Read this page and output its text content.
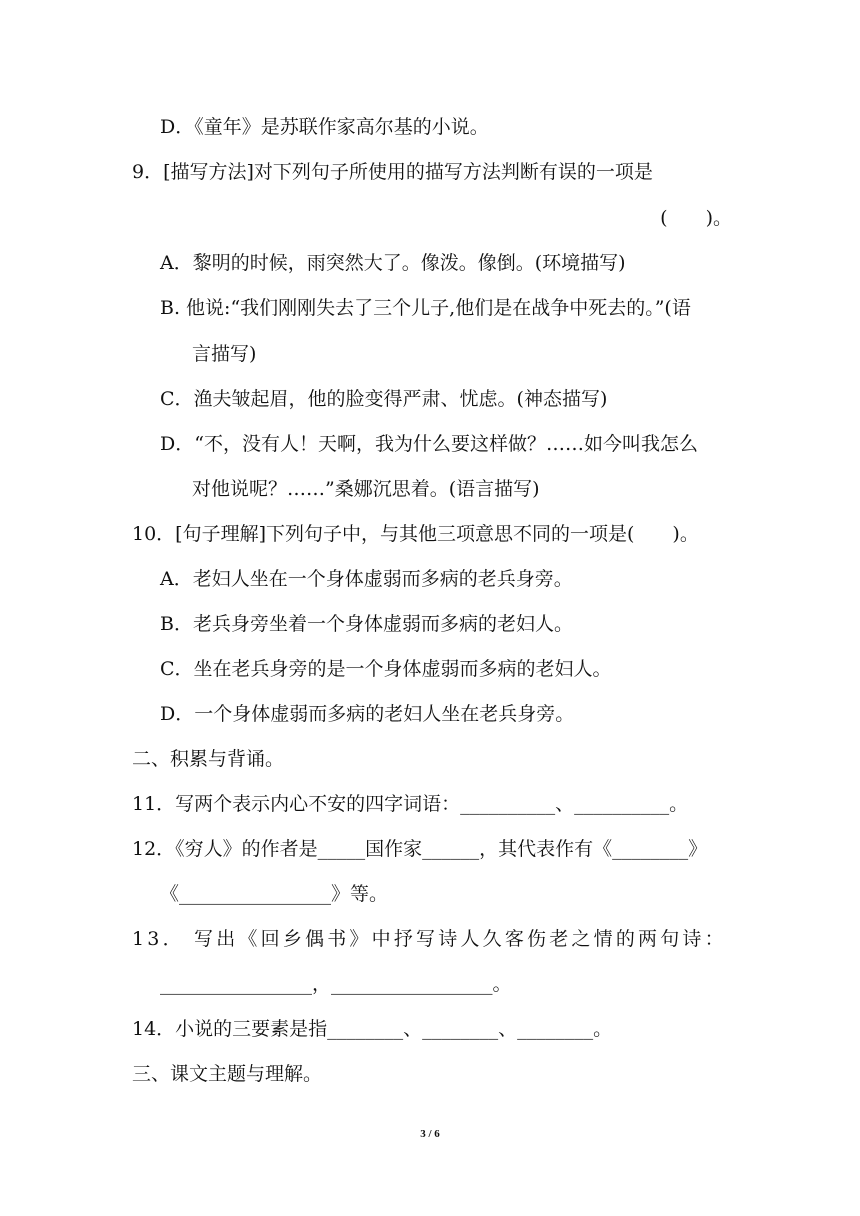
D．《童年》是苏联作家高尔基的小说。
9．[描写方法]对下列句子所使用的描写方法判断有误的一项是
(　　)。
A．黎明的时候，雨突然大了。像泼。像倒。(环境描写)
B. 他说:“我们刚刚失去了三个儿子,他们是在战争中死去的。”(语
言描写)
C．渔夫皱起眉，他的脸变得严肃、忧虑。(神态描写)
D．“不，没有人！天啊，我为什么要这样做？……如今叫我怎么
对他说呢？……”桑娜沉思着。(语言描写)
10．[句子理解]下列句子中，与其他三项意思不同的一项是(　　)。
A．老妇人坐在一个身体虚弱而多病的老兵身旁。
B．老兵身旁坐着一个身体虚弱而多病的老妇人。
C．坐在老兵身旁的是一个身体虚弱而多病的老妇人。
D．一个身体虚弱而多病的老妇人坐在老兵身旁。
二、积累与背诵。
11．写两个表示内心不安的四字词语：__________、__________。
12．《穷人》的作者是_____国作家______，其代表作有《________》
《________________》等。
13． 写出《回乡偶书》中抒写诗人久客伤老之情的两句诗：
________________，_________________。
14．小说的三要素是指________、________、________。
三、课文主题与理解。
3 / 6
